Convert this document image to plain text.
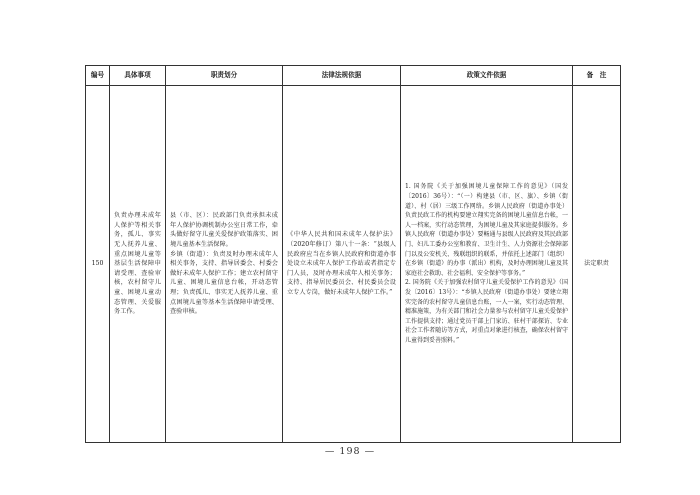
编号	具体事项	职责划分	法律法规依据	政策文件依据	备　注
150	负责办理未成年人保护等相关事务，孤儿、事实无人抚养儿童、重点困境儿童等基层生活保障申请受理、查验审核，农村留守儿童、困境儿童动态管理、关爱服务工作。	县（市、区）：民政部门负责承担未成年人保护协调机制办公室日常工作，牵头做好留守儿童关爱保护政策落实、困境儿童基本生活保障。
乡镇（街道）：负责及时办理未成年人相关事务，支持、指导居委会、村委会做好未成年人保护工作；建立农村留守儿童、困境儿童信息台帐，开动态管理；负责孤儿、事实无人抚养儿童、重点困境儿童等基本生活保障申请受理、查验审核。	《中华人民共和国未成年人保护法》（2020年修订）第八十一条：“县级人民政府应当在乡镇人民政府和街道办事处设立未成年人保护工作站或者指定专门人员，及时办理未成年人相关事务；支持、指导居民委员会、村民委员会设立专人专岗，做好未成年人保护工作。”	1. 国务院《关于加强困境儿童保障工作的意见》（国发〔2016〕36号）：“（一）构建县（市、区、旗）、乡镇（街道）、村（居）三级工作网络。乡镇人民政府（街道办事处）负责民政工作的机构要建立翔实完备的困境儿童信息台帐，一人一档案，实行动态管理，为困境儿童及其家庭提供服务。乡镇人民政府（街道办事处）要畅通与县级人民政府及其民政部门、妇儿工委办公室和教育、卫生计生、人力资源社会保障部门以及公安机关、残联组织的联系，并依托上述部门（组织）在乡镇（街道）的办事（派出）机构，及时办理困境儿童及其家庭社会救助、社会福利、安全保护等事务。”
2. 国务院《关于加强农村留守儿童关爱保护工作的意见》（国发〔2016〕13号）：“乡镇人民政府（街道办事处）要建立翔实完备的农村留守儿童信息台账，一人一案，实行动态管理、精准施策，为有关部门和社会力量参与农村留守儿童关爱保护工作提供支持；通过党员干部上门家访、驻村干部探访、专业社会工作者随访等方式，对重点对象进行核查，确保农村留守儿童得到妥善照料。”	法定职责
— 198 —
